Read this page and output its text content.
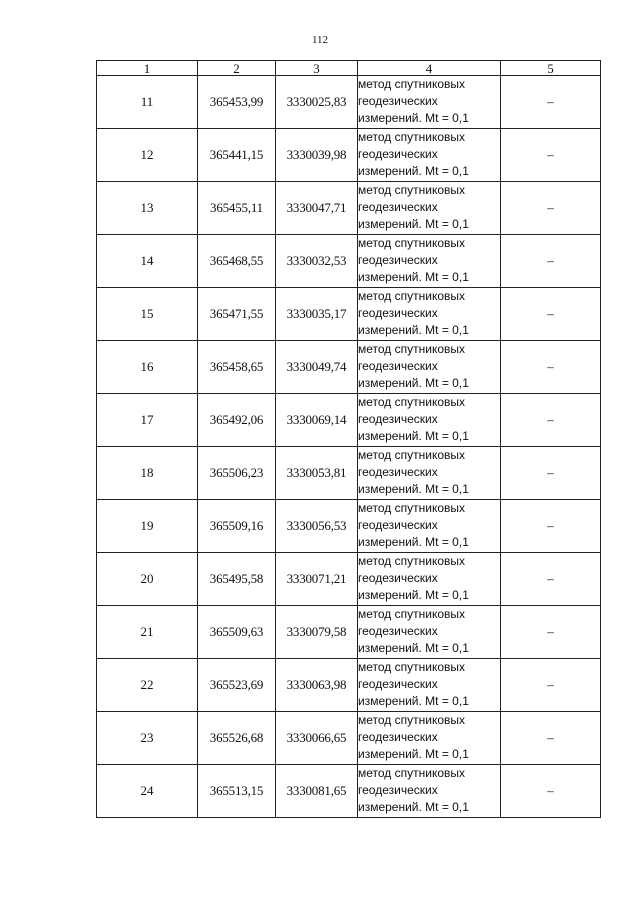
112
1	2	3	4	5
11	365453,99	3330025,83	метод спутниковых
геодезических
измерений. Mt = 0,1	–
12	365441,15	3330039,98	метод спутниковых
геодезических
измерений. Mt = 0,1	–
13	365455,11	3330047,71	метод спутниковых
геодезических
измерений. Mt = 0,1	–
14	365468,55	3330032,53	метод спутниковых
геодезических
измерений. Mt = 0,1	–
15	365471,55	3330035,17	метод спутниковых
геодезических
измерений. Mt = 0,1	–
16	365458,65	3330049,74	метод спутниковых
геодезических
измерений. Mt = 0,1	–
17	365492,06	3330069,14	метод спутниковых
геодезических
измерений. Mt = 0,1	–
18	365506,23	3330053,81	метод спутниковых
геодезических
измерений. Mt = 0,1	–
19	365509,16	3330056,53	метод спутниковых
геодезических
измерений. Mt = 0,1	–
20	365495,58	3330071,21	метод спутниковых
геодезических
измерений. Mt = 0,1	–
21	365509,63	3330079,58	метод спутниковых
геодезических
измерений. Mt = 0,1	–
22	365523,69	3330063,98	метод спутниковых
геодезических
измерений. Mt = 0,1	–
23	365526,68	3330066,65	метод спутниковых
геодезических
измерений. Mt = 0,1	–
24	365513,15	3330081,65	метод спутниковых
геодезических
измерений. Mt = 0,1	–
